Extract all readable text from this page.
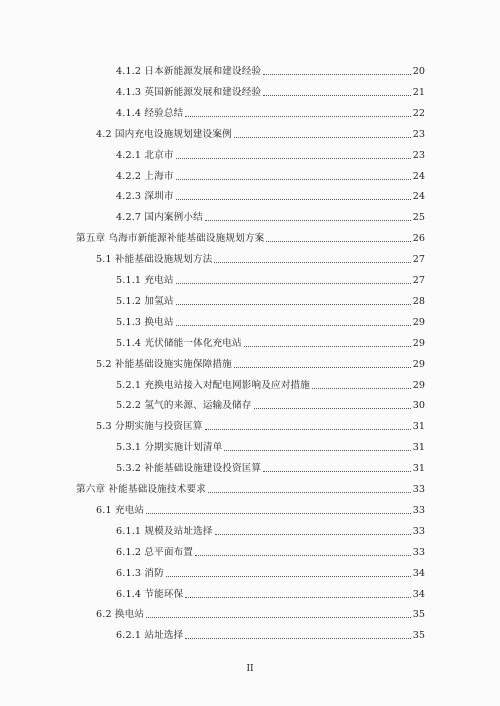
4.1.2 日本新能源发展和建设经验	20
4.1.3 英国新能源发展和建设经验	21
4.1.4 经验总结	22
4.2 国内充电设施规划建设案例	23
4.2.1 北京市	23
4.2.2 上海市	24
4.2.3 深圳市	24
4.2.7 国内案例小结	25
第五章 乌海市新能源补能基础设施规划方案	26
5.1 补能基础设施规划方法	27
5.1.1 充电站	27
5.1.2 加氢站	28
5.1.3 换电站	29
5.1.4 光伏储能一体化充电站	29
5.2 补能基础设施实施保障措施	29
5.2.1 充换电站接入对配电网影响及应对措施	29
5.2.2 氢气的来源、运输及储存	30
5.3 分期实施与投资匡算	31
5.3.1 分期实施计划清单	31
5.3.2 补能基础设施建设投资匡算	31
第六章 补能基础设施技术要求	33
6.1 充电站	33
6.1.1 规模及站址选择	33
6.1.2 总平面布置	33
6.1.3 消防	34
6.1.4 节能环保	34
6.2 换电站	35
6.2.1 站址选择	35
II
